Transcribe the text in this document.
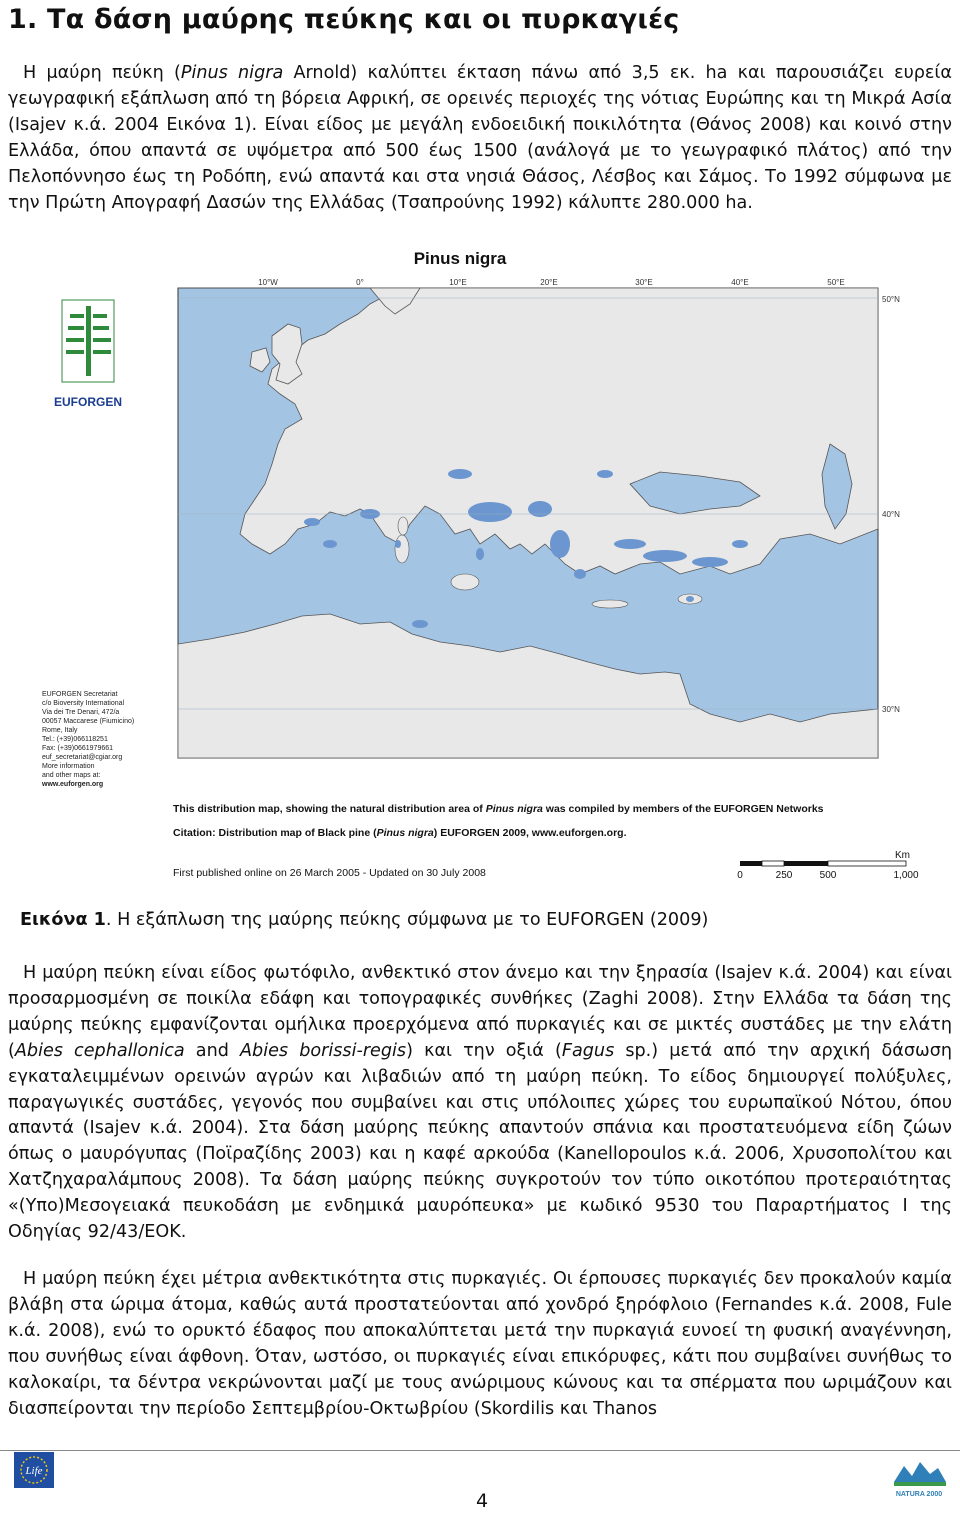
1. Τα δάση μαύρης πεύκης και οι πυρκαγιές

Η μαύρη πεύκη (Pinus nigra Arnold) καλύπτει έκταση πάνω από 3,5 εκ. ha και παρουσιάζει ευρεία γεωγραφική εξάπλωση από τη βόρεια Αφρική, σε ορεινές περιοχές της νότιας Ευρώπης και τη Μικρά Ασία (Isajev κ.ά. 2004 Εικόνα 1). Είναι είδος με μεγάλη ενδοειδική ποικιλότητα (Θάνος 2008) και κοινό στην Ελλάδα, όπου απαντά σε υψόμετρα από 500 έως 1500 (ανάλογά με το γεωγραφικό πλάτος) από την Πελοπόννησο έως τη Ροδόπη, ενώ απαντά και στα νησιά Θάσος, Λέσβος και Σάμος. Το 1992 σύμφωνα με την Πρώτη Απογραφή Δασών της Ελλάδας (Τσαπρούνης 1992) κάλυπτε 280.000 ha.

Pinus nigra
10°W	0°	10°E	20°E	30°E	40°E	50°E
50°N
40°N
30°N
EUFORGEN
EUFORGEN Secretariat
c/o Bioversity International
Via dei Tre Denari, 472/a
00057 Maccarese (Fiumicino)
Rome, Italy
Tel.: (+39)066118251
Fax: (+39)0661979661
euf_secretariat@cgiar.org
More information
and other maps at:
www.euforgen.org
This distribution map, showing the natural distribution area of Pinus nigra was compiled by members of the EUFORGEN Networks
Citation: Distribution map of Black pine (Pinus nigra) EUFORGEN 2009, www.euforgen.org.
First published online on 26 March 2005 - Updated on 30 July 2008
Km
0	250	500	1,000

Εικόνα 1. Η εξάπλωση της μαύρης πεύκης σύμφωνα με το EUFORGEN (2009)

Η μαύρη πεύκη είναι είδος φωτόφιλο, ανθεκτικό στον άνεμο και την ξηρασία (Isajev κ.ά. 2004) και είναι προσαρμοσμένη σε ποικίλα εδάφη και τοπογραφικές συνθήκες (Zaghi 2008). Στην Ελλάδα τα δάση της μαύρης πεύκης εμφανίζονται ομήλικα προερχόμενα από πυρκαγιές και σε μικτές συστάδες με την ελάτη (Abies cephallonica and Abies borissi-regis) και την οξιά (Fagus sp.) μετά από την αρχική δάσωση εγκαταλειμμένων ορεινών αγρών και λιβαδιών από τη μαύρη πεύκη. Το είδος δημιουργεί πολύξυλες, παραγωγικές συστάδες, γεγονός που συμβαίνει και στις υπόλοιπες χώρες του ευρωπαϊκού Νότου, όπου απαντά (Isajev κ.ά. 2004). Στα δάση μαύρης πεύκης απαντούν σπάνια και προστατευόμενα είδη ζώων όπως ο μαυρόγυπας (Ποϊραζίδης 2003) και η καφέ αρκούδα (Kanellopoulos κ.ά. 2006, Χρυσοπολίτου και Χατζηχαραλάμπους 2008). Τα δάση μαύρης πεύκης συγκροτούν τον τύπο οικοτόπου προτεραιότητας «(Υπο)Μεσογειακά πευκοδάση με ενδημικά μαυρόπευκα» με κωδικό 9530 του Παραρτήματος Ι της Οδηγίας 92/43/ΕΟΚ.

Η μαύρη πεύκη έχει μέτρια ανθεκτικότητα στις πυρκαγιές. Οι έρπουσες πυρκαγιές δεν προκαλούν καμία βλάβη στα ώριμα άτομα, καθώς αυτά προστατεύονται από χονδρό ξηρόφλοιο (Fernandes κ.ά. 2008, Fule κ.ά. 2008), ενώ το ορυκτό έδαφος που αποκαλύπτεται μετά την πυρκαγιά ευνοεί τη φυσική αναγέννηση, που συνήθως είναι άφθονη. Όταν, ωστόσο, οι πυρκαγιές είναι επικόρυφες, κάτι που συμβαίνει συνήθως το καλοκαίρι, τα δέντρα νεκρώνονται μαζί με τους ανώριμους κώνους και τα σπέρματα που ωριμάζουν και διασπείρονται την περίοδο Σεπτεμβρίου-Οκτωβρίου (Skordilis και Thanos

Life
4	NATURA 2000
